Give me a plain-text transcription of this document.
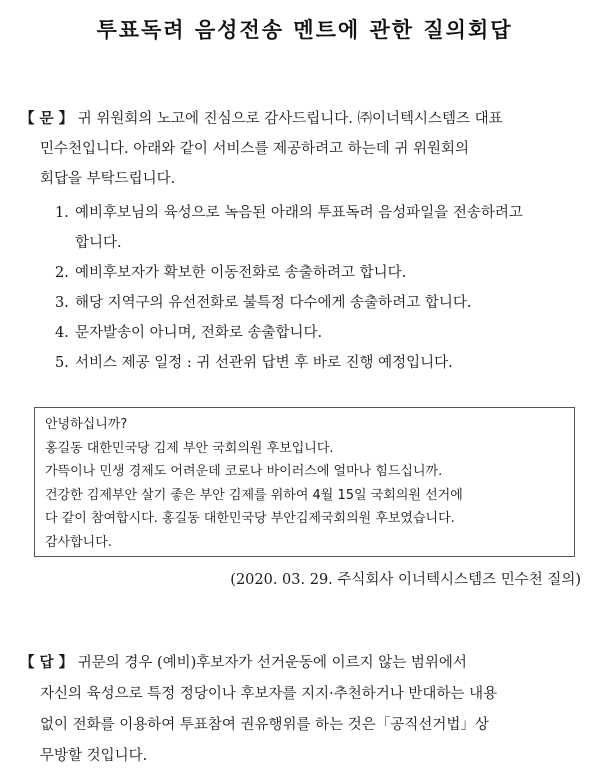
투표독려 음성전송 멘트에 관한 질의회답
【 문 】 귀 위원회의 노고에 진심으로 감사드립니다. ㈜이너텍시스템즈 대표
민수천입니다. 아래와 같이 서비스를 제공하려고 하는데 귀 위원회의
회답을 부탁드립니다.
1. 예비후보님의 육성으로 녹음된 아래의 투표독려 음성파일을 전송하려고
합니다.
2. 예비후보자가 확보한 이동전화로 송출하려고 합니다.
3. 해당 지역구의 유선전화로 불특정 다수에게 송출하려고 합니다.
4. 문자발송이 아니며, 전화로 송출합니다.
5. 서비스 제공 일정 : 귀 선관위 답변 후 바로 진행 예정입니다.
안녕하십니까?
홍길동 대한민국당 김제 부안 국회의원 후보입니다.
가뜩이나 민생 경제도 어려운데 코로나 바이러스에 얼마나 힘드십니까.
건강한 김제부안 살기 좋은 부안 김제를 위하여 4월 15일 국회의원 선거에
다 같이 참여합시다. 홍길동 대한민국당 부안김제국회의원 후보였습니다.
감사합니다.
(2020. 03. 29. 주식회사 이너텍시스템즈 민수천 질의)
【 답 】 귀문의 경우 (예비)후보자가 선거운동에 이르지 않는 범위에서
자신의 육성으로 특정 정당이나 후보자를 지지·추천하거나 반대하는 내용
없이 전화를 이용하여 투표참여 권유행위를 하는 것은「공직선거법」상
무방할 것입니다.
